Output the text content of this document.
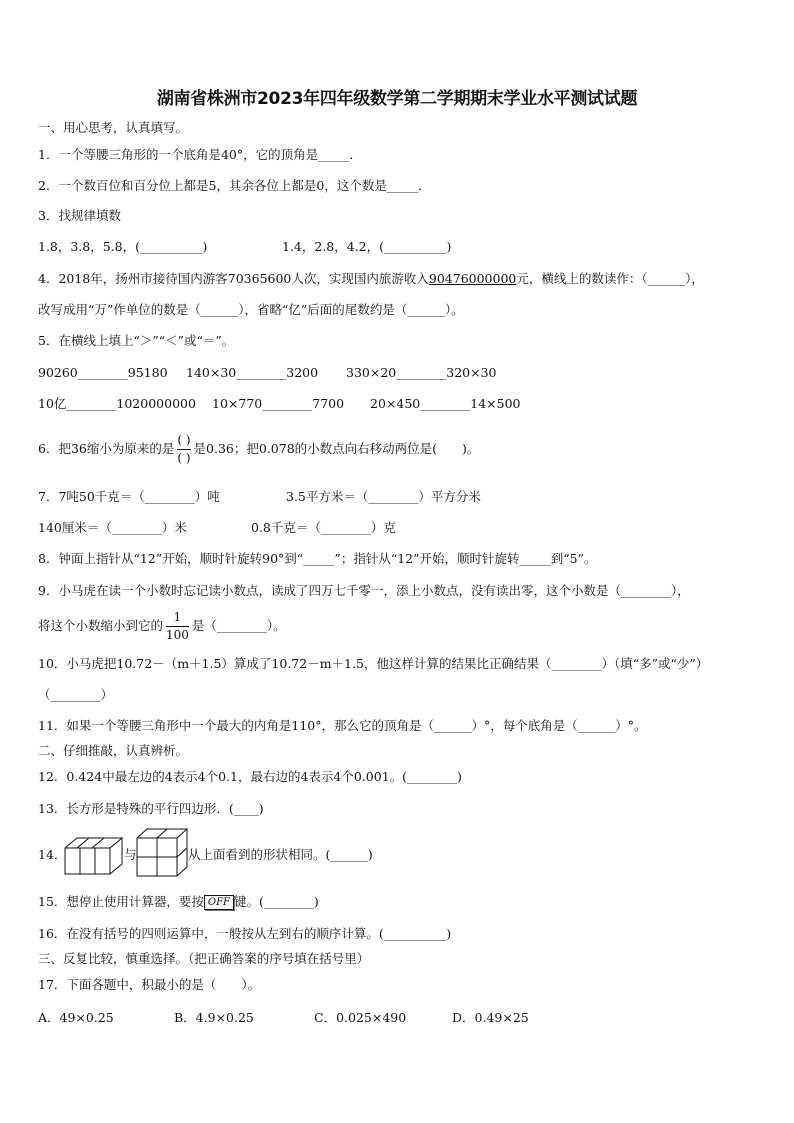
湖南省株洲市2023年四年级数学第二学期期末学业水平测试试题
一、用心思考，认真填写。
1．一个等腰三角形的一个底角是40°，它的顶角是_____．
2．一个数百位和百分位上都是5，其余各位上都是0，这个数是_____．
3．找规律填数
1.8，3.8，5.8，(__________)	1.4，2.8，4.2，(__________)
4．2018年，扬州市接待国内游客70365600人次，实现国内旅游收入90476000000元，横线上的数读作：（______），
改写成用“万”作单位的数是（______），省略“亿”后面的尾数约是（______）。
5．在横线上填上“＞”“＜”或“＝”。
90260________95180 140×30________3200 330×20________320×30
10亿________1020000000 10×770________7700 20×450________14×500
6．把36缩小为原来的是 $\frac{( )}{( )}$ 是0.36；把0.078的小数点向右移动两位是(　　)。
7．7吨50千克＝（________）吨	3.5平方米＝（________）平方分米
140厘米＝（________）米	0.8千克＝（________）克
8．钟面上指针从“12”开始，顺时针旋转90°到“_____”；指针从“12”开始，顺时针旋转_____到“5”。
9．小马虎在读一个小数时忘记读小数点，读成了四万七千零一，添上小数点，没有读出零，这个小数是（________），
将这个小数缩小到它的 $\frac{1}{100}$ 是（________）。
10．小马虎把10.72－（m＋1.5）算成了10.72－m＋1.5，他这样计算的结果比正确结果（________）（填“多”或“少”）
（________）
11．如果一个等腰三角形中一个最大的内角是110°，那么它的顶角是（______）°，每个底角是（______）°。
二、仔细推敲，认真辨析。
12．0.424中最左边的4表示4个0.1，最右边的4表示4个0.001。(________)
13．长方形是特殊的平行四边形．(____)
14．	与	从上面看到的形状相同。(______)
15．想停止使用计算器，要按 OFF 键。(________)
16．在没有括号的四则运算中，一般按从左到右的顺序计算。(__________)
三、反复比较，慎重选择。（把正确答案的序号填在括号里）
17．下面各题中，积最小的是（　　）。
A．49×0.25	B．4.9×0.25	C．0.025×490	D．0.49×25
